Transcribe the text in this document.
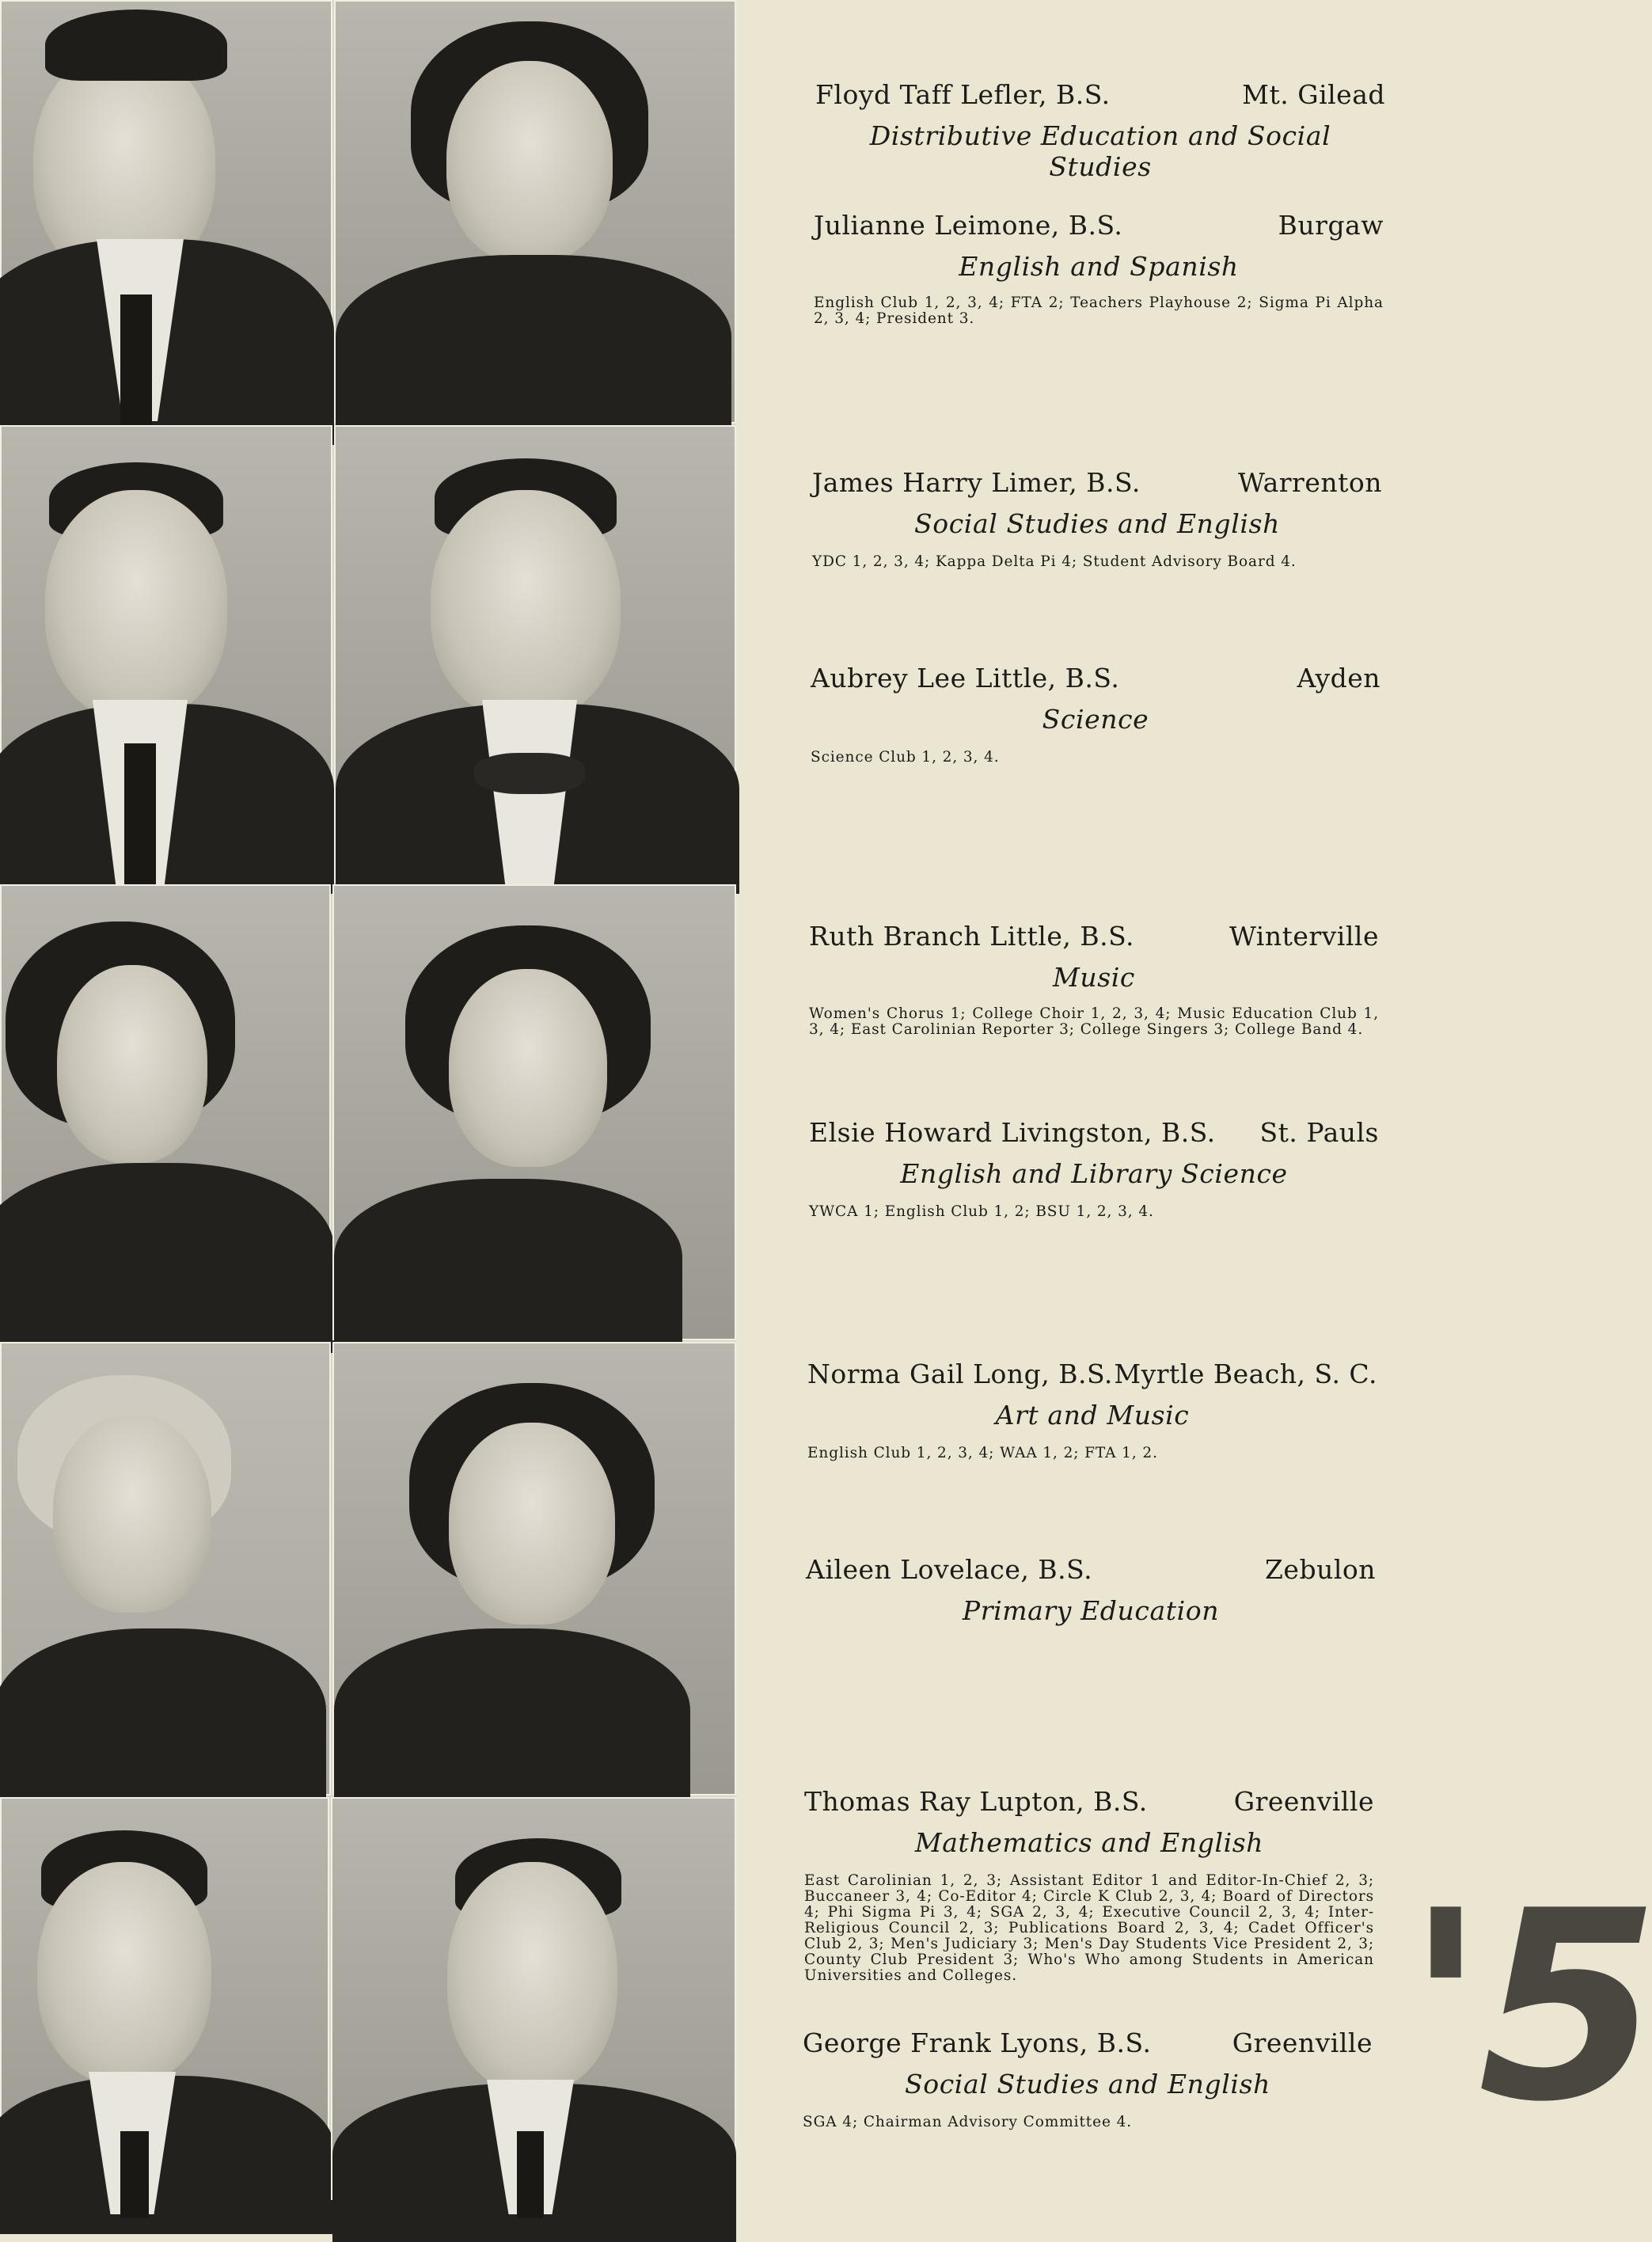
Floyd Taff Lefler, B.S.	Mt. Gilead
Distributive Education and Social Studies
Julianne Leimone, B.S.	Burgaw
English and Spanish
English Club 1, 2, 3, 4; FTA 2; Teachers Playhouse 2; Sigma Pi Alpha 2, 3, 4; President 3.
James Harry Limer, B.S.	Warrenton
Social Studies and English
YDC 1, 2, 3, 4; Kappa Delta Pi 4; Student Advisory Board 4.
Aubrey Lee Little, B.S.	Ayden
Science
Science Club 1, 2, 3, 4.
Ruth Branch Little, B.S.	Winterville
Music
Women's Chorus 1; College Choir 1, 2, 3, 4; Music Education Club 1, 3, 4; East Carolinian Reporter 3; College Singers 3; College Band 4.
Elsie Howard Livingston, B.S. St. Pauls
English and Library Science
YWCA 1; English Club 1, 2; BSU 1, 2, 3, 4.
Norma Gail Long, B.S. Myrtle Beach, S. C.
Art and Music
English Club 1, 2, 3, 4; WAA 1, 2; FTA 1, 2.
Aileen Lovelace, B.S.	Zebulon
Primary Education
Thomas Ray Lupton, B.S.	Greenville
Mathematics and English
East Carolinian 1, 2, 3; Assistant Editor 1 and Editor-In-Chief 2, 3; Buccaneer 3, 4; Co-Editor 4; Circle K Club 2, 3, 4; Board of Directors 4; Phi Sigma Pi 3, 4; SGA 2, 3, 4; Executive Council 2, 3, 4; Inter-Religious Council 2, 3; Publications Board 2, 3, 4; Cadet Officer's Club 2, 3; Men's Judiciary 3; Men's Day Students Vice President 2, 3; County Club President 3; Who's Who among Students in American Universities and Colleges.
George Frank Lyons, B.S.	Greenville
Social Studies and English
SGA 4; Chairman Advisory Committee 4.	'5
